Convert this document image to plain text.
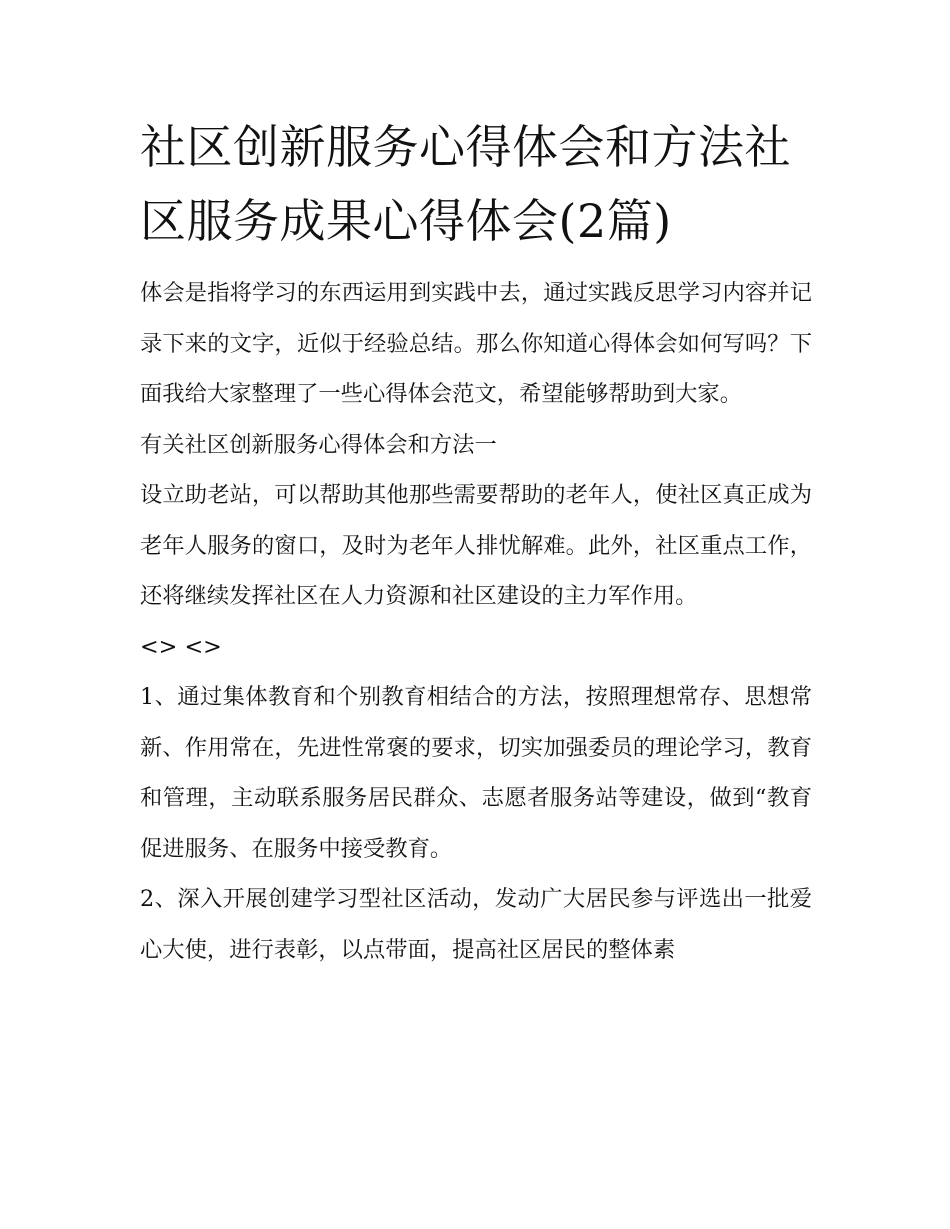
社区创新服务心得体会和方法社区服务成果心得体会(2篇)

体会是指将学习的东西运用到实践中去，通过实践反思学习内容并记录下来的文字，近似于经验总结。那么你知道心得体会如何写吗？下面我给大家整理了一些心得体会范文，希望能够帮助到大家。

有关社区创新服务心得体会和方法一

设立助老站，可以帮助其他那些需要帮助的老年人，使社区真正成为老年人服务的窗口，及时为老年人排忧解难。此外，社区重点工作，还将继续发挥社区在人力资源和社区建设的主力军作用。

<> <>

1、通过集体教育和个别教育相结合的方法，按照理想常存、思想常新、作用常在，先进性常褒的要求，切实加强委员的理论学习，教育和管理，主动联系服务居民群众、志愿者服务站等建设，做到“教育促进服务、在服务中接受教育。

2、深入开展创建学习型社区活动，发动广大居民参与评选出一批爱心大使，进行表彰，以点带面，提高社区居民的整体素
